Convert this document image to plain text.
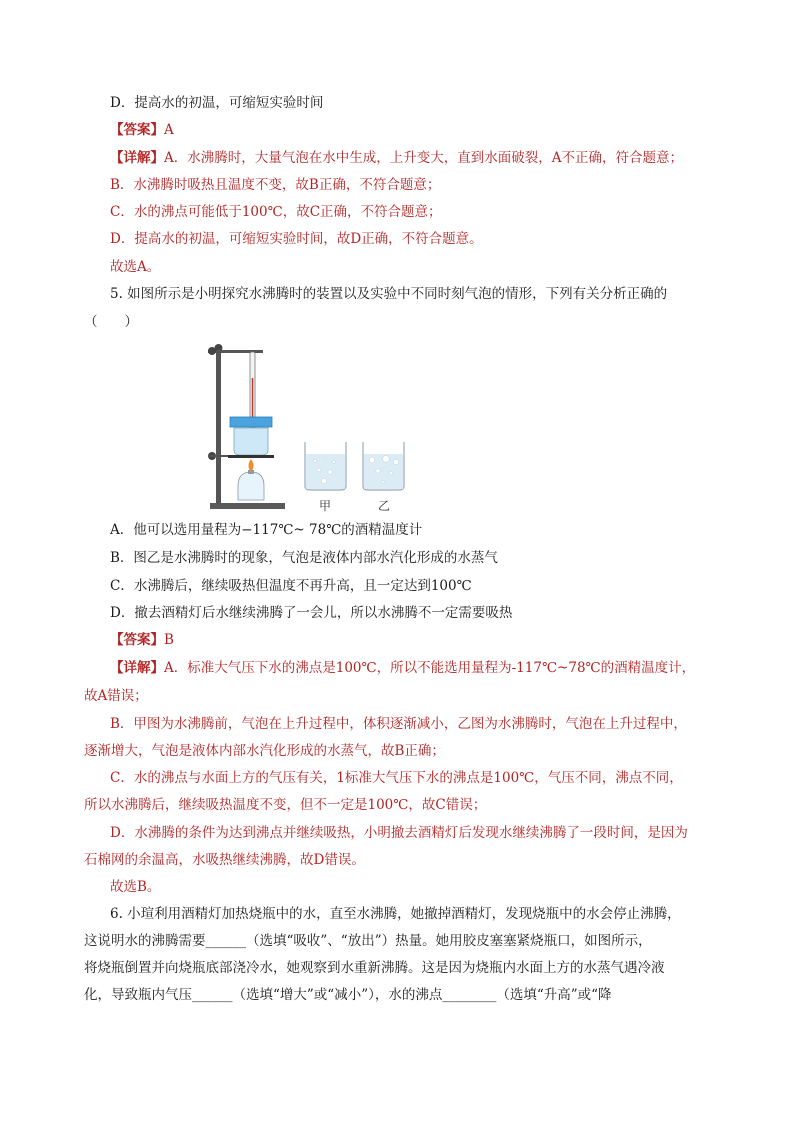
D．提高水的初温，可缩短实验时间
【答案】A
【详解】A．水沸腾时，大量气泡在水中生成，上升变大，直到水面破裂，A不正确，符合题意；
B．水沸腾时吸热且温度不变，故B正确，不符合题意；
C．水的沸点可能低于100℃，故C正确，不符合题意；
D．提高水的初温，可缩短实验时间，故D正确，不符合题意。
故选A。
5. 如图所示是小明探究水沸腾时的装置以及实验中不同时刻气泡的情形，下列有关分析正确的
（　　）
甲	乙
A．他可以选用量程为−117℃~ 78℃的酒精温度计
B．图乙是水沸腾时的现象，气泡是液体内部水汽化形成的水蒸气
C．水沸腾后，继续吸热但温度不再升高，且一定达到100℃
D．撤去酒精灯后水继续沸腾了一会儿，所以水沸腾不一定需要吸热
【答案】B
【详解】A．标准大气压下水的沸点是100℃，所以不能选用量程为-117℃~78℃的酒精温度计，
故A错误；
B．甲图为水沸腾前，气泡在上升过程中，体积逐渐减小，乙图为水沸腾时，气泡在上升过程中，
逐渐增大，气泡是液体内部水汽化形成的水蒸气，故B正确；
C．水的沸点与水面上方的气压有关，1标准大气压下水的沸点是100℃，气压不同，沸点不同，
所以水沸腾后，继续吸热温度不变，但不一定是100℃，故C错误；
D．水沸腾的条件为达到沸点并继续吸热，小明撤去酒精灯后发现水继续沸腾了一段时间，是因为
石棉网的余温高，水吸热继续沸腾，故D错误。
故选B。
6. 小瑄利用酒精灯加热烧瓶中的水，直至水沸腾，她撤掉酒精灯，发现烧瓶中的水会停止沸腾，
这说明水的沸腾需要______（选填“吸收”、“放出”）热量。她用胶皮塞塞紧烧瓶口，如图所示，
将烧瓶倒置并向烧瓶底部浇冷水，她观察到水重新沸腾。这是因为烧瓶内水面上方的水蒸气遇冷液
化，导致瓶内气压______（选填“增大”或“减小”），水的沸点________（选填“升高”或“降
